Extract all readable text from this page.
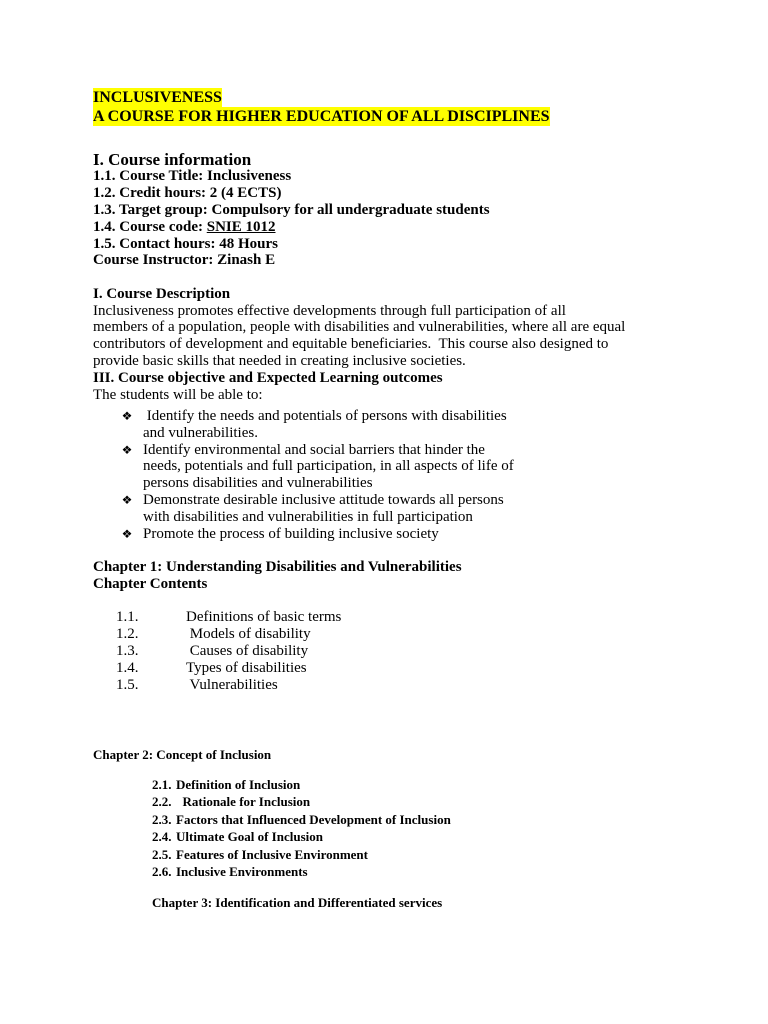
INCLUSIVENESS
A COURSE FOR HIGHER EDUCATION OF ALL DISCIPLINES
I. Course information
1.1. Course Title: Inclusiveness
1.2. Credit hours: 2 (4 ECTS)
1.3. Target group: Compulsory for all undergraduate students
1.4. Course code: SNIE 1012
1.5. Contact hours: 48 Hours
Course Instructor: Zinash E
I. Course Description
Inclusiveness promotes effective developments through full participation of all
members of a population, people with disabilities and vulnerabilities, where all are equal
contributors of development and equitable beneficiaries.  This course also designed to
provide basic skills that needed in creating inclusive societies.
III. Course objective and Expected Learning outcomes
The students will be able to:
❖ Identify the needs and potentials of persons with disabilities
and vulnerabilities.
❖ Identify environmental and social barriers that hinder the
needs, potentials and full participation, in all aspects of life of
persons disabilities and vulnerabilities
❖ Demonstrate desirable inclusive attitude towards all persons
with disabilities and vulnerabilities in full participation
❖ Promote the process of building inclusive society
Chapter 1: Understanding Disabilities and Vulnerabilities
Chapter Contents
1.1.	Definitions of basic terms
1.2.	Models of disability
1.3.	Causes of disability
1.4.	Types of disabilities
1.5.	Vulnerabilities
Chapter 2: Concept of Inclusion
2.1. Definition of Inclusion
2.2. Rationale for Inclusion
2.3. Factors that Influenced Development of Inclusion
2.4. Ultimate Goal of Inclusion
2.5. Features of Inclusive Environment
2.6. Inclusive Environments
Chapter 3: Identification and Differentiated services
